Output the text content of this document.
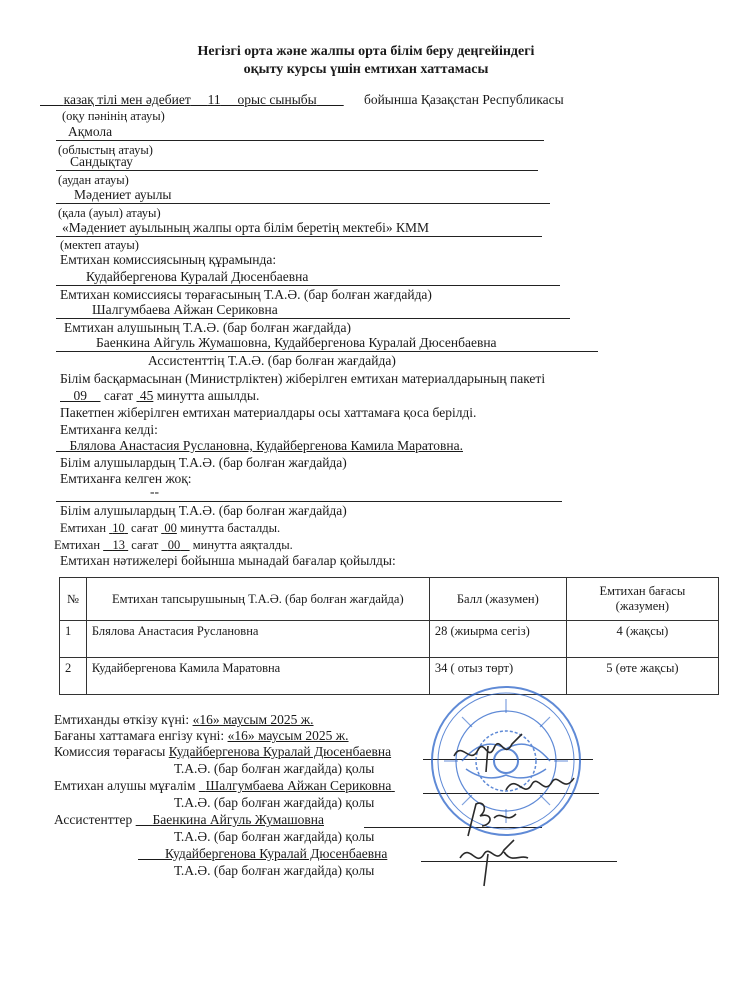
Негізгі орта және жалпы орта білім беру деңгейіндегі
оқыту курсы үшін емтихан хаттамасы
казақ тілі мен әдебиет 11 орыс сыныбы	бойынша Қазақстан Республикасы
(оқу пәнінің атауы)
Ақмола
(облыстың атауы)
Сандықтау
(аудан атауы)
Мәдениет ауылы
(қала (ауыл) атауы)
«Мәдениет ауылының жалпы орта білім беретің мектебі» КММ
(мектеп атауы)
Емтихан комиссиясының құрамында:
Кудайбергенова Куралай Дюсенбаевна
Емтихан комиссиясы төрағасының Т.А.Ә. (бар болған жағдайда)
Шалгумбаева Айжан Сериковна
Емтихан алушының Т.А.Ә. (бар болған жағдайда)
Баенкина Айгуль Жумашовна, Кудайбергенова Куралай Дюсенбаевна
Ассистенттің Т.А.Ә. (бар болған жағдайда)
Білім басқармасынан (Министрліктен) жіберілген емтихан материалдарының пакеті
09 сағат 45 минутта ашылды.
Пакетпен жіберілген емтихан материалдары осы хаттамаға қоса берілді.
Емтиханға келді:
Блялова Анастасия Руслановна, Кудайбергенова Камила Маратовна.
Білім алушылардың Т.А.Ә. (бар болған жағдайда)
Емтиханға келген жоқ:
--
Білім алушылардың Т.А.Ә. (бар болған жағдайда)
Емтихан 10 сағат 00 минутта басталды.
Емтихан 13 сағат 00 минутта аяқталды.
Емтихан нәтижелері бойынша мынадай бағалар қойылды:
№	Емтихан тапсырушының Т.А.Ә. (бар болған жағдайда)	Балл (жазумен)	Емтихан бағасы (жазумен)
1	Блялова Анастасия Руслановна	28 (жиырма сегіз)	4 (жақсы)
2	Кудайбергенова Камила Маратовна	34 ( отыз төрт)	5 (өте жақсы)
Емтиханды өткізу күні: «16» маусым 2025 ж.
Бағаны хаттамаға енгізу күні: «16» маусым 2025 ж.
Комиссия төрағасы Кудайбергенова Куралай Дюсенбаевна
Т.А.Ә. (бар болған жағдайда) қолы
Емтихан алушы мұғалім Шалгумбаева Айжан Сериковна
Т.А.Ә. (бар болған жағдайда) қолы
Ассистенттер Баенкина Айгуль Жумашовна
Т.А.Ә. (бар болған жағдайда) қолы
Кудайбергенова Куралай Дюсенбаевна
Т.А.Ә. (бар болған жағдайда) қолы
